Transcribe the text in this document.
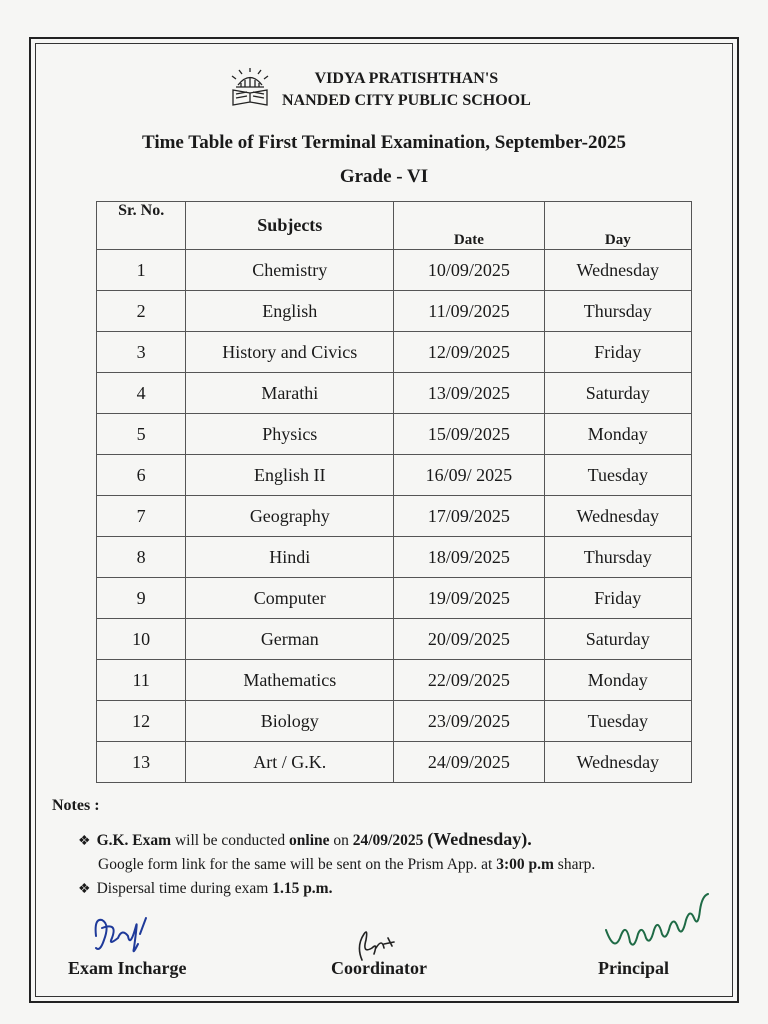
VIDYA PRATISHTHAN'S
NANDED CITY PUBLIC SCHOOL
Time Table of First Terminal Examination, September-2025
Grade - VI
Sr. No.	Subjects	Date	Day
1	Chemistry	10/09/2025	Wednesday
2	English	11/09/2025	Thursday
3	History and Civics	12/09/2025	Friday
4	Marathi	13/09/2025	Saturday
5	Physics	15/09/2025	Monday
6	English II	16/09/ 2025	Tuesday
7	Geography	17/09/2025	Wednesday
8	Hindi	18/09/2025	Thursday
9	Computer	19/09/2025	Friday
10	German	20/09/2025	Saturday
11	Mathematics	22/09/2025	Monday
12	Biology	23/09/2025	Tuesday
13	Art / G.K.	24/09/2025	Wednesday
Notes :
❖ G.K. Exam will be conducted online on 24/09/2025 (Wednesday).
Google form link for the same will be sent on the Prism App. at 3:00 p.m sharp.
❖ Dispersal time during exam 1.15 p.m.
Exam Incharge	Coordinator	Principal
